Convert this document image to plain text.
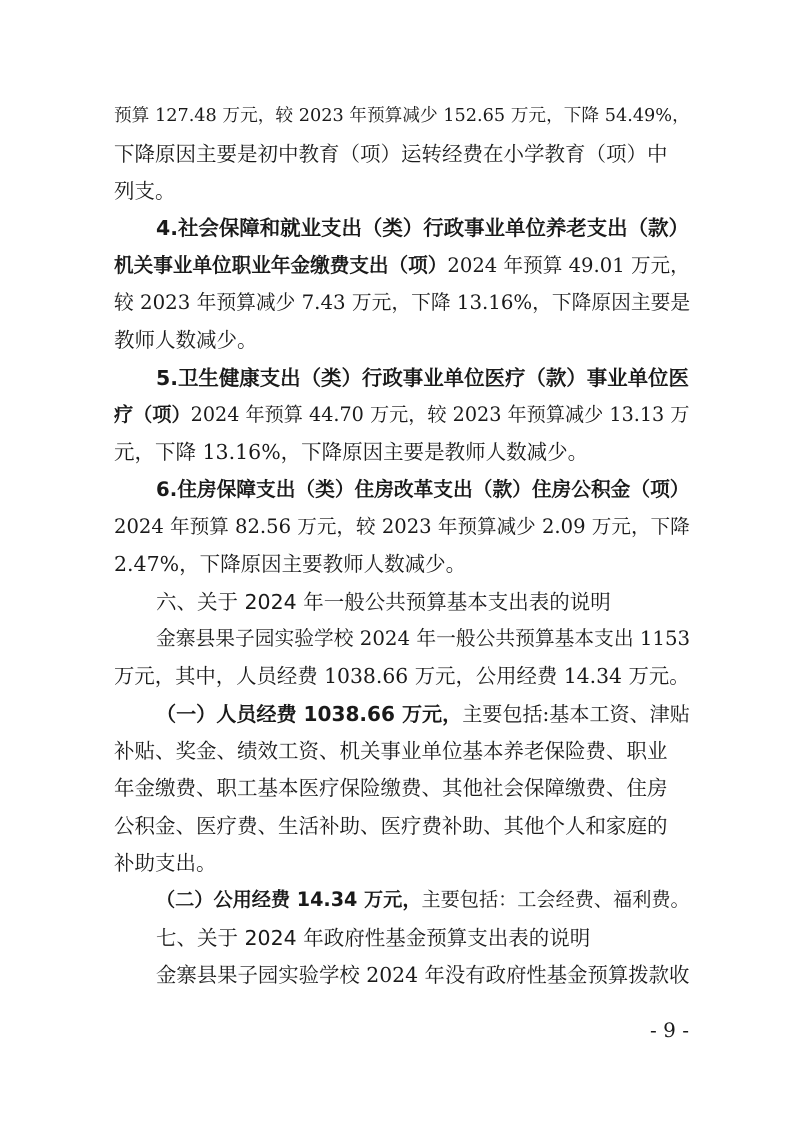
预算 127.48 万元，较 2023 年预算减少 152.65 万元，下降 54.49%，
下降原因主要是初中教育（项）运转经费在小学教育（项）中
列支。
4.社会保障和就业支出（类）行政事业单位养老支出（款）
机关事业单位职业年金缴费支出（项）2024 年预算 49.01 万元，
较 2023 年预算减少 7.43 万元，下降 13.16%，下降原因主要是
教师人数减少。
5.卫生健康支出（类）行政事业单位医疗（款）事业单位医
疗（项）2024 年预算 44.70 万元，较 2023 年预算减少 13.13 万
元，下降 13.16%，下降原因主要是教师人数减少。
6.住房保障支出（类）住房改革支出（款）住房公积金（项）
2024 年预算 82.56 万元，较 2023 年预算减少 2.09 万元，下降
2.47%，下降原因主要教师人数减少。
六、关于 2024 年一般公共预算基本支出表的说明
金寨县果子园实验学校 2024 年一般公共预算基本支出 1153
万元，其中，人员经费 1038.66 万元，公用经费 14.34 万元。
（一）人员经费 1038.66 万元，主要包括:基本工资、津贴
补贴、奖金、绩效工资、机关事业单位基本养老保险费、职业
年金缴费、职工基本医疗保险缴费、其他社会保障缴费、住房
公积金、医疗费、生活补助、医疗费补助、其他个人和家庭的
补助支出。
（二）公用经费 14.34 万元，主要包括：工会经费、福利费。
七、关于 2024 年政府性基金预算支出表的说明
金寨县果子园实验学校 2024 年没有政府性基金预算拨款收
- 9 -
